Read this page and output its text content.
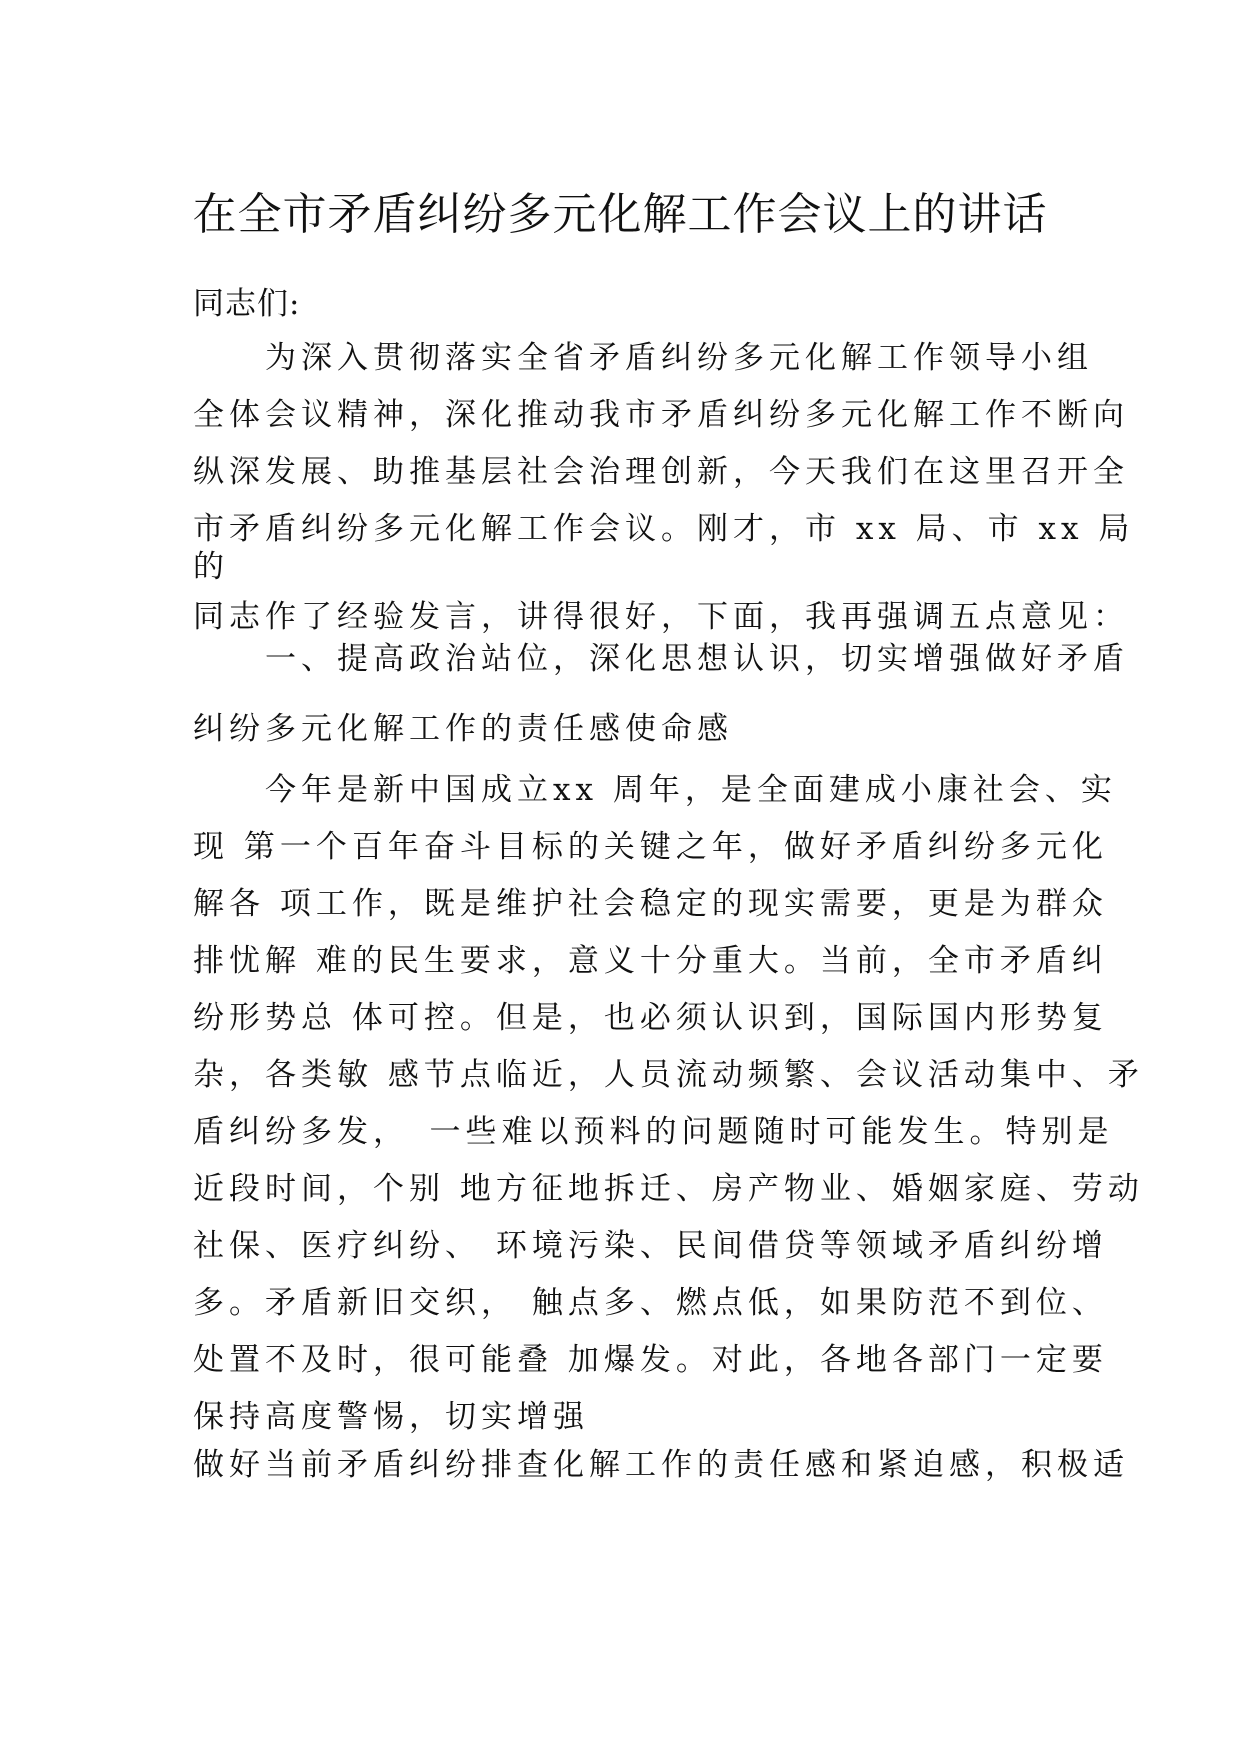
在全市矛盾纠纷多元化解工作会议上的讲话

同志们:

　　为深入贯彻落实全省矛盾纠纷多元化解工作领导小组
全体会议精神，深化推动我市矛盾纠纷多元化解工作不断向
纵深发展、助推基层社会治理创新，今天我们在这里召开全
市矛盾纠纷多元化解工作会议。刚才，市 xx 局、市 xx 局
的
同志作了经验发言，讲得很好，下面，我再强调五点意见：
　　一、提高政治站位，深化思想认识，切实增强做好矛盾
纠纷多元化解工作的责任感使命感
　　今年是新中国成立xx 周年，是全面建成小康社会、实
现 第一个百年奋斗目标的关键之年，做好矛盾纠纷多元化
解各 项工作，既是维护社会稳定的现实需要，更是为群众
排忧解 难的民生要求，意义十分重大。当前，全市矛盾纠
纷形势总 体可控。但是，也必须认识到，国际国内形势复
杂，各类敏 感节点临近，人员流动频繁、会议活动集中、矛
盾纠纷多发，　一些难以预料的问题随时可能发生。特别是
近段时间，个别 地方征地拆迁、房产物业、婚姻家庭、劳动
社保、医疗纠纷、 环境污染、民间借贷等领域矛盾纠纷增
多。矛盾新旧交织， 触点多、燃点低，如果防范不到位、
处置不及时，很可能叠 加爆发。对此，各地各部门一定要
保持高度警惕，切实增强
做好当前矛盾纠纷排查化解工作的责任感和紧迫感，积极适
